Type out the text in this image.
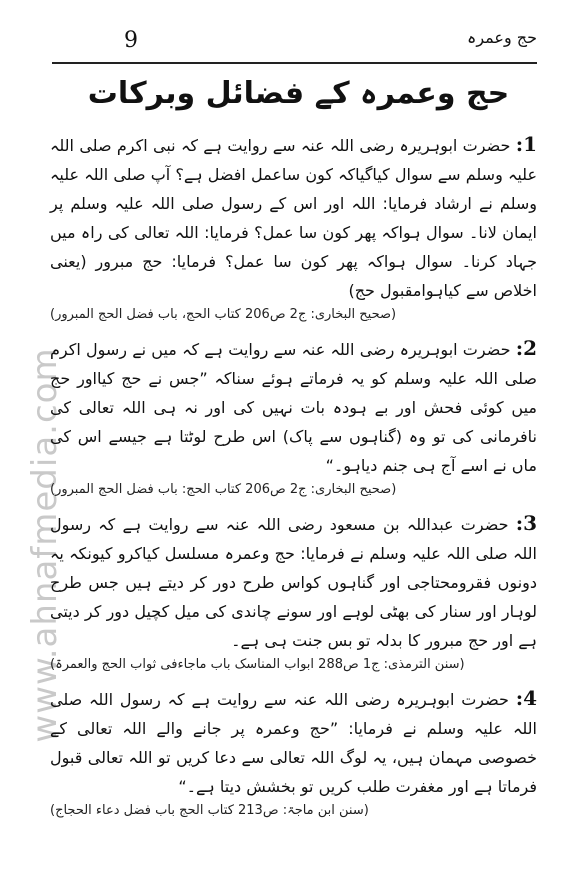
9	حج وعمرہ
حج وعمرہ کے فضائل وبرکات
www.ahnafmedia.com
1: حضرت ابوہریرہ رضی اللہ عنہ سے روایت ہے کہ نبی اکرم صلی اللہ علیہ وسلم سے سوال کیاگیاکہ کون ساعمل افضل ہے؟ آپ صلی اللہ علیہ وسلم نے ارشاد فرمایا: اللہ اور اس کے رسول صلی اللہ علیہ وسلم پر ایمان لانا۔ سوال ہواکہ پھر کون سا عمل؟ فرمایا: اللہ تعالی کی راہ میں جہاد کرنا۔ سوال ہواکہ پھر کون سا عمل؟ فرمایا: حج مبرور (یعنی اخلاص سے کیاہوامقبول حج)
(صحیح البخاری: ج2 ص206 کتاب الحج، باب فضل الحج المبرور)
2: حضرت ابوہریرہ رضی اللہ عنہ سے روایت ہے کہ میں نے رسول اکرم صلی اللہ علیہ وسلم کو یہ فرماتے ہوئے سناکہ ”جس نے حج کیااور حج میں کوئی فحش اور بے ہودہ بات نہیں کی اور نہ ہی اللہ تعالی کی نافرمانی کی تو وہ (گناہوں سے پاک) اس طرح لوٹتا ہے جیسے اس کی ماں نے اسے آج ہی جنم دیاہو۔“
(صحیح البخاری: ج2 ص206 کتاب الحج: باب فضل الحج المبرور)
3: حضرت عبداللہ بن مسعود رضی اللہ عنہ سے روایت ہے کہ رسول اللہ صلی اللہ علیہ وسلم نے فرمایا: حج وعمرہ مسلسل کیاکرو کیونکہ یہ دونوں فقرومحتاجی اور گناہوں کواس طرح دور کر دیتے ہیں جس طرح لوہار اور سنار کی بھٹی لوہے اور سونے چاندی کی میل کچیل دور کر دیتی ہے اور حج مبرور کا بدلہ تو بس جنت ہی ہے۔
(سنن الترمذی: ج1 ص288 ابواب المناسک باب ماجاءفی ثواب الحج والعمرۃ)
4: حضرت ابوہریرہ رضی اللہ عنہ سے روایت ہے کہ رسول اللہ صلی اللہ علیہ وسلم نے فرمایا: ”حج وعمرہ پر جانے والے اللہ تعالی کے خصوصی مہمان ہیں، یہ لوگ اللہ تعالی سے دعا کریں تو اللہ تعالی قبول فرماتا ہے اور مغفرت طلب کریں تو بخشش دیتا ہے۔“
(سنن ابن ماجۃ: ص213 کتاب الحج باب فضل دعاء الحجاج)
